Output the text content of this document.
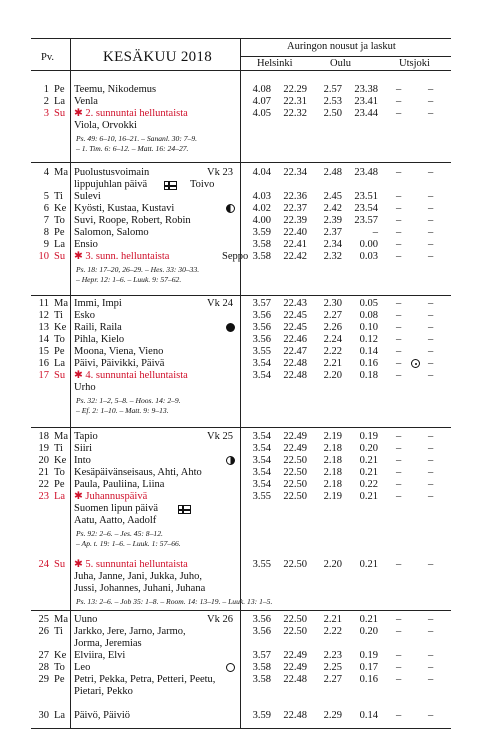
Pv.	KESÄKUU 2018
Auringon nousut ja laskut
Helsinki	Oulu	Utsjoki
1 Pe Teemu, Nikodemus	4.08	22.29	2.57	23.38 –	–
2 La Venla	4.07	22.31	2.53	23.41 –	–
3 Su ✱ 2. sunnuntai helluntaista	4.05	22.32	2.50	23.44 –	–
Viola, Orvokki
Ps. 49: 6–10, 16–21. – Sananl. 30: 7–9.
– 1. Tim. 6: 6–12. – Matt. 16: 24–27.
4 Ma Puolustusvoimain	Vk 23	4.04	22.34	2.48	23.48 –	–
lippujuhlan päivä	Toivo
5 Ti Sulevi	4.03	22.36	2.45	23.51 –	–
6 Ke Kyösti, Kustaa, Kustavi	4.02	22.37	2.42	23.54 –	–
7 To Suvi, Roope, Robert, Robin	4.00	22.39	2.39	23.57 –	–
8 Pe Salomon, Salomo	3.59	22.40	2.37	– –	–
9 La Ensio	3.58	22.41	2.34	0.00 –	–
10 Su ✱ 3. sunn. helluntaista	Seppo 3.58	22.42	2.32	0.03 –	–
Ps. 18: 17–20, 26–29. – Hes. 33: 30–33.
– Hepr. 12: 1–6. – Luuk. 9: 57–62.
11 Ma Immi, Impi	Vk 24	3.57	22.43	2.30	0.05 –	–
12 Ti Esko	3.56	22.45	2.27	0.08 –	–
13 Ke Raili, Raila	3.56	22.45	2.26	0.10 –	–
14 To Pihla, Kielo	3.56	22.46	2.24	0.12 –	–
15 Pe Moona, Viena, Vieno	3.55	22.47	2.22	0.14 –	–
16 La Päivi, Päivikki, Päivä	3.54	22.48	2.21	0.16 –	–
17 Su ✱ 4. sunnuntai helluntaista	3.54	22.48	2.20	0.18 –	–
Urho
Ps. 32: 1–2, 5–8. – Hoos. 14: 2–9.
– Ef. 2: 1–10. – Matt. 9: 9–13.
18 Ma Tapio	Vk 25	3.54	22.49	2.19	0.19 –	–
19 Ti Siiri	3.54	22.49	2.18	0.20 –	–
20 Ke Into	3.54	22.50	2.18	0.21 –	–
21 To Kesäpäivänseisaus, Ahti, Ahto	3.54	22.50	2.18	0.21 –	–
22 Pe Paula, Pauliina, Liina	3.54	22.50	2.18	0.22 –	–
23 La ✱ Juhannuspäivä	3.55	22.50	2.19	0.21 –	–
Suomen lipun päivä
Aatu, Aatto, Aadolf
Ps. 92: 2–6. – Jes. 45: 8–12.
– Ap. t. 19: 1–6. – Luuk. 1: 57–66.
24 Su ✱ 5. sunnuntai helluntaista	3.55	22.50	2.20	0.21 –	–
Juha, Janne, Jani, Jukka, Juho,
Jussi, Johannes, Juhani, Juhana
Ps. 13: 2–6. – Job 35: 1–8. – Room. 14: 13–19. – Luuk. 13: 1–5.
25 Ma Uuno	Vk 26	3.56	22.50	2.21	0.21 –	–
26 Ti Jarkko, Jere, Jarno, Jarmo,	3.56	22.50	2.22	0.20 –	–
Jorma, Jeremias
27 Ke Elviira, Elvi	3.57	22.49	2.23	0.19 –	–
28 To Leo	3.58	22.49	2.25	0.17 –	–
29 Pe Petri, Pekka, Petra, Petteri, Peetu,	3.58	22.48	2.27	0.16 –	–
Pietari, Pekko
30 La Päivö, Päiviö	3.59	22.48	2.29	0.14 –	–
